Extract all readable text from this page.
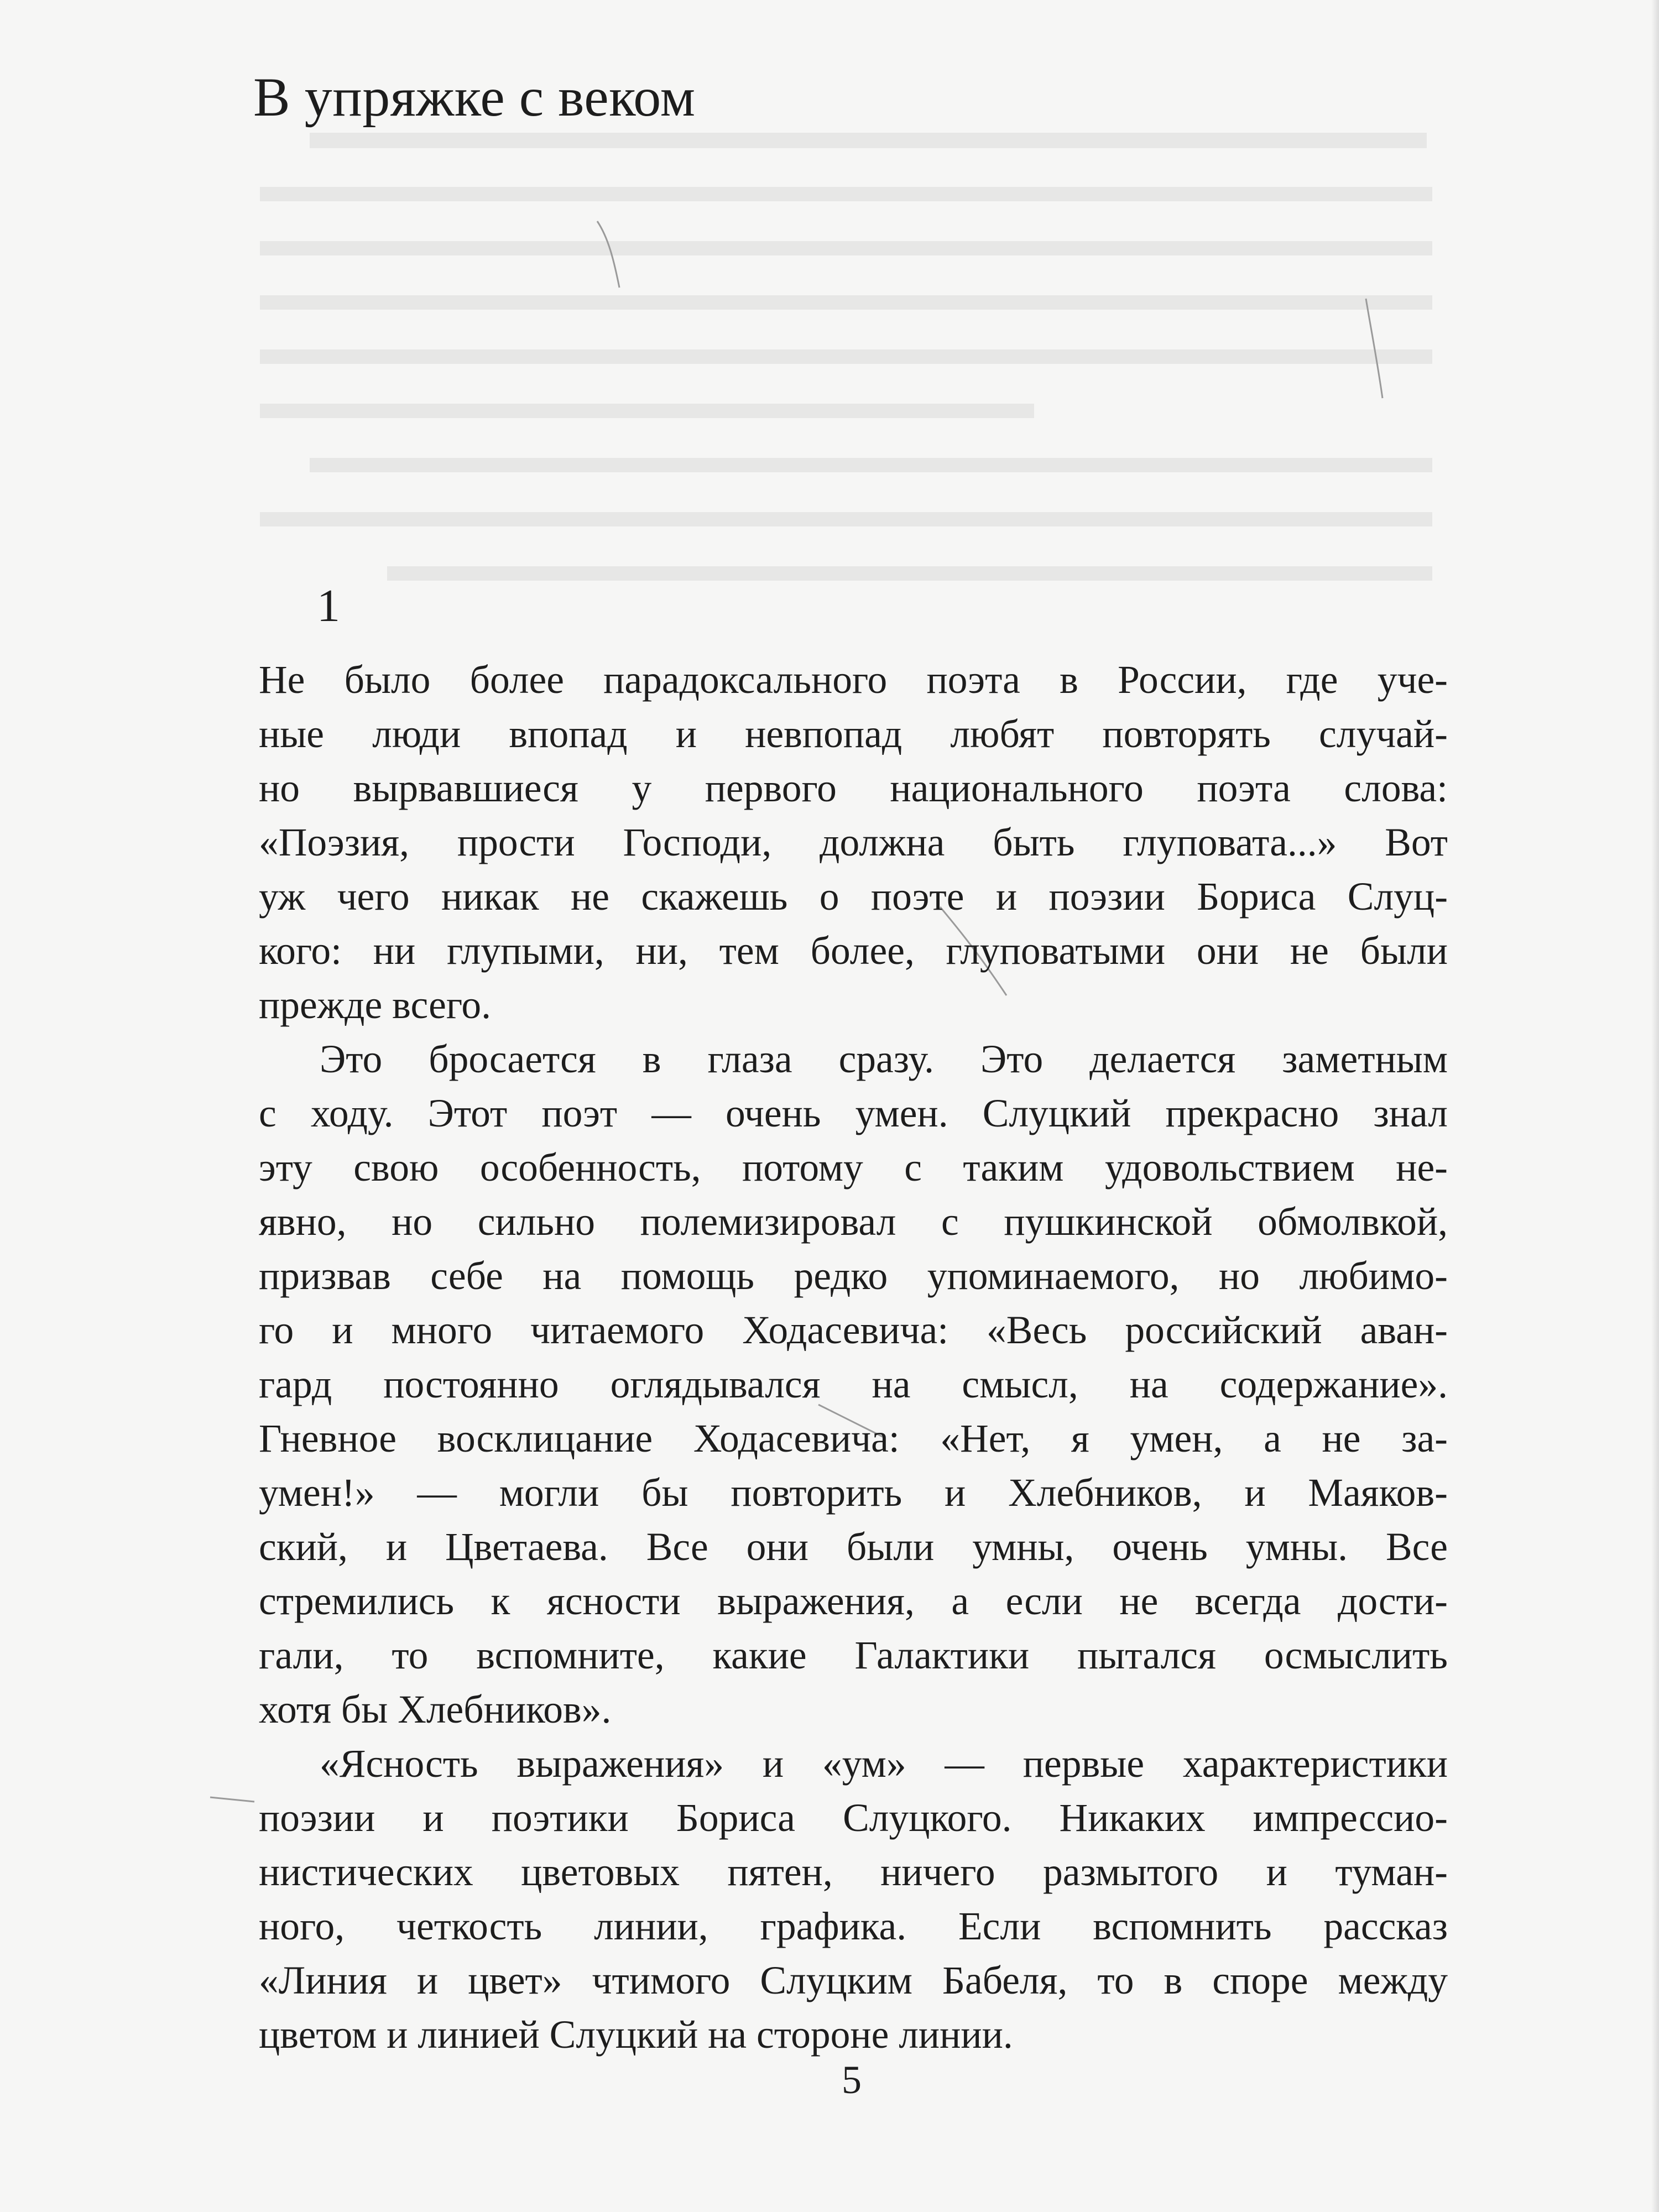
В упряжке с веком
1

Не было более парадоксального поэта в России, где уче-
ные люди впопад и невпопад любят повторять случай-
но вырвавшиеся у первого национального поэта слова:
«Поэзия, прости Господи, должна быть глуповата...» Вот
уж чего никак не скажешь о поэте и поэзии Бориса Слуц-
кого: ни глупыми, ни, тем более, глуповатыми они не были
прежде всего.

Это бросается в глаза сразу. Это делается заметным
с ходу. Этот поэт — очень умен. Слуцкий прекрасно знал
эту свою особенность, потому с таким удовольствием не-
явно, но сильно полемизировал с пушкинской обмолвкой,
призвав себе на помощь редко упоминаемого, но любимо-
го и много читаемого Ходасевича: «Весь российский аван-
гард постоянно оглядывался на смысл, на содержание».
Гневное восклицание Ходасевича: «Нет, я умен, а не за-
умен!» — могли бы повторить и Хлебников, и Маяков-
ский, и Цветаева. Все они были умны, очень умны. Все
стремились к ясности выражения, а если не всегда дости-
гали, то вспомните, какие Галактики пытался осмыслить
хотя бы Хлебников».

«Ясность выражения» и «ум» — первые характеристики
поэзии и поэтики Бориса Слуцкого. Никаких импрессио-
нистических цветовых пятен, ничего размытого и туман-
ного, четкость линии, графика. Если вспомнить рассказ
«Линия и цвет» чтимого Слуцким Бабеля, то в споре между
цветом и линией Слуцкий на стороне линии.

5
